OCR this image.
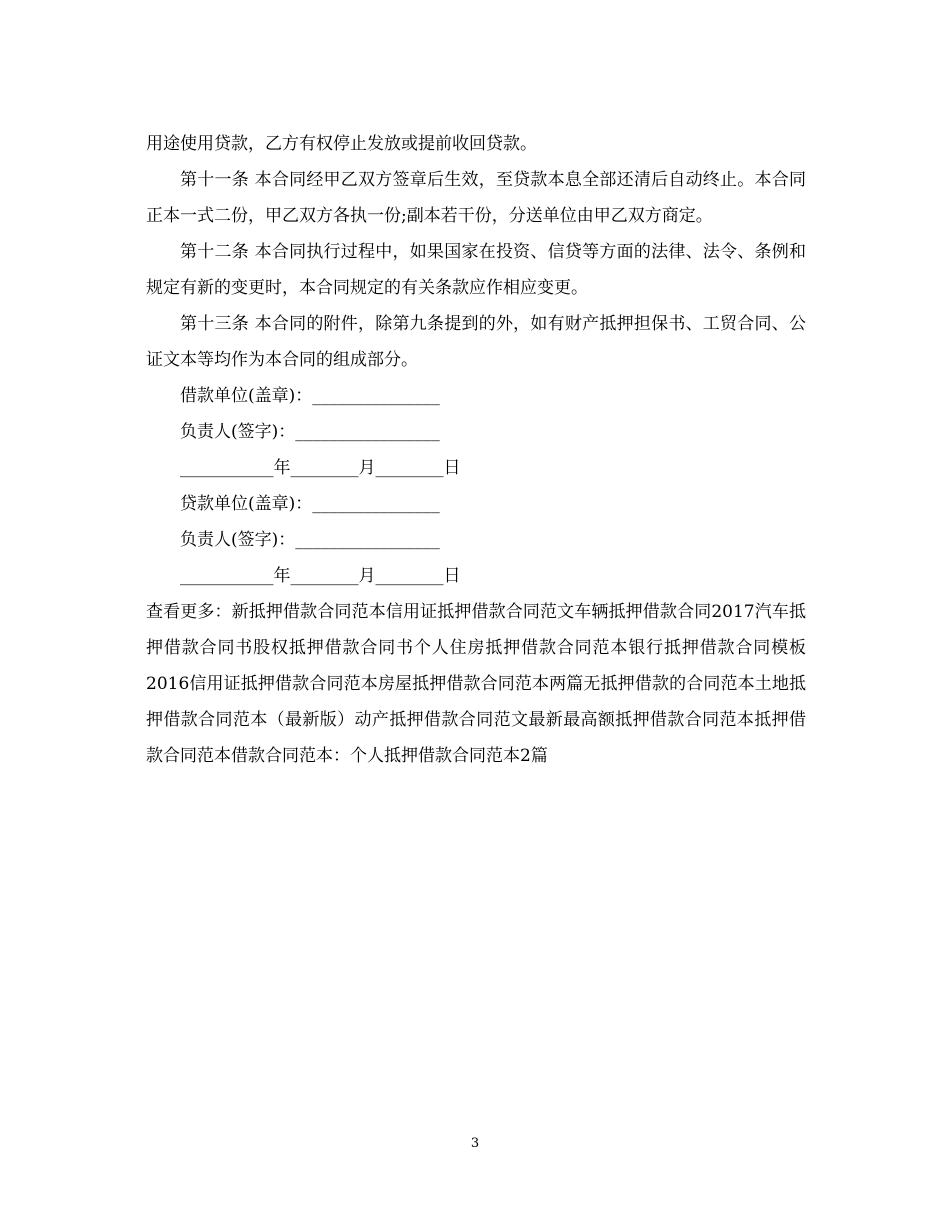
用途使用贷款，乙方有权停止发放或提前收回贷款。

第十一条 本合同经甲乙双方签章后生效，至贷款本息全部还清后自动终止。本合同正本一式二份，甲乙双方各执一份;副本若干份，分送单位由甲乙双方商定。

第十二条 本合同执行过程中，如果国家在投资、信贷等方面的法律、法令、条例和规定有新的变更时，本合同规定的有关条款应作相应变更。

第十三条 本合同的附件，除第九条提到的外，如有财产抵押担保书、工贸合同、公证文本等均作为本合同的组成部分。

借款单位(盖章)：_______________

负责人(签字)：_________________

___________年________月________日

贷款单位(盖章)：_______________

负责人(签字)：_________________

___________年________月________日

查看更多：新抵押借款合同范本信用证抵押借款合同范文车辆抵押借款合同2017汽车抵押借款合同书股权抵押借款合同书个人住房抵押借款合同范本银行抵押借款合同模板2016信用证抵押借款合同范本房屋抵押借款合同范本两篇无抵押借款的合同范本土地抵押借款合同范本（最新版）动产抵押借款合同范文最新最高额抵押借款合同范本抵押借款合同范本借款合同范本：个人抵押借款合同范本2篇

3
